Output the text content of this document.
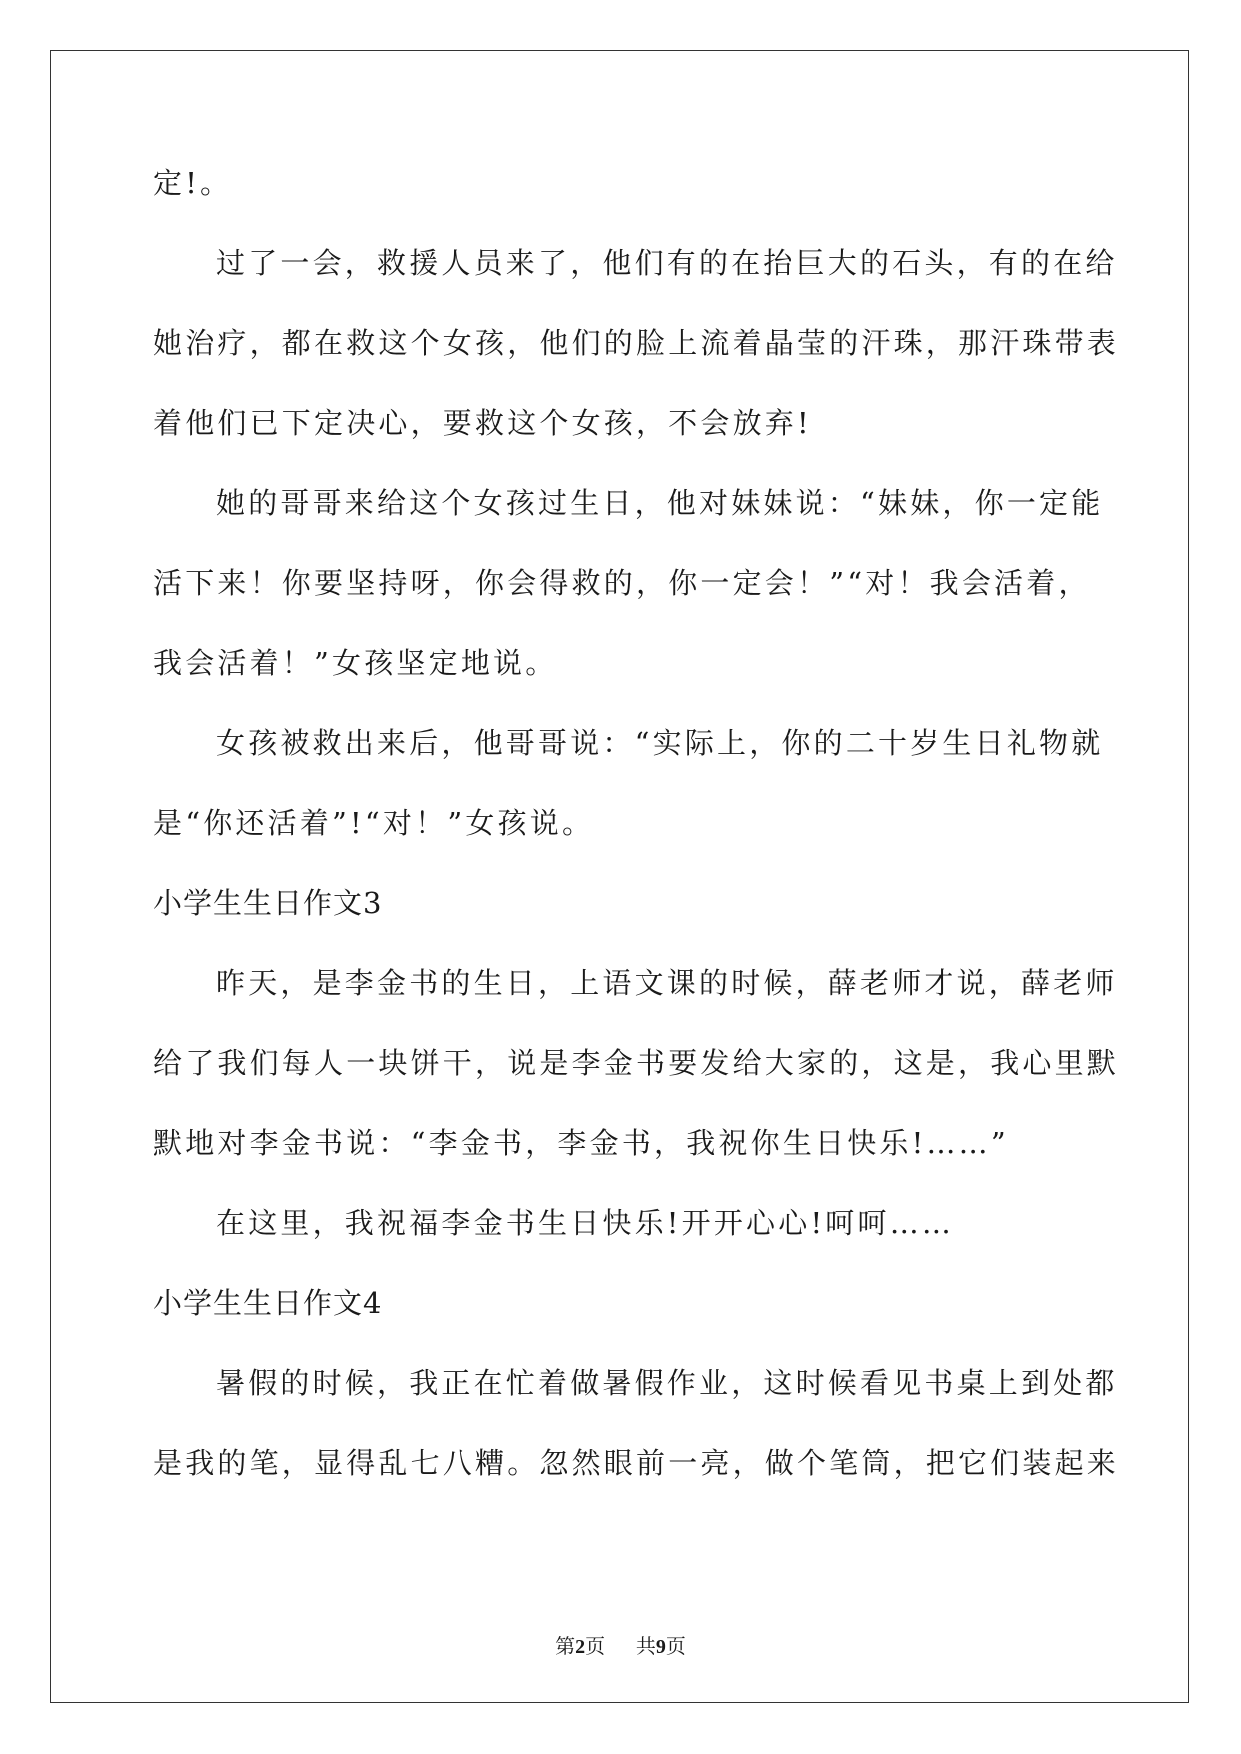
定!。
过了一会，救援人员来了，他们有的在抬巨大的石头，有的在给
她治疗，都在救这个女孩，他们的脸上流着晶莹的汗珠，那汗珠带表
着他们已下定决心，要救这个女孩，不会放弃!
她的哥哥来给这个女孩过生日，他对妹妹说：“妹妹，你一定能
活下来！你要坚持呀，你会得救的，你一定会！”“对！我会活着，
我会活着！”女孩坚定地说。
女孩被救出来后，他哥哥说：“实际上，你的二十岁生日礼物就
是“你还活着”!“对！”女孩说。
小学生生日作文3
昨天，是李金书的生日，上语文课的时候，薛老师才说，薛老师
给了我们每人一块饼干，说是李金书要发给大家的，这是，我心里默
默地对李金书说：“李金书，李金书，我祝你生日快乐!……”
在这里，我祝福李金书生日快乐!开开心心!呵呵……
小学生生日作文4
暑假的时候，我正在忙着做暑假作业，这时候看见书桌上到处都
是我的笔，显得乱七八糟。忽然眼前一亮，做个笔筒，把它们装起来
第2页 共9页
